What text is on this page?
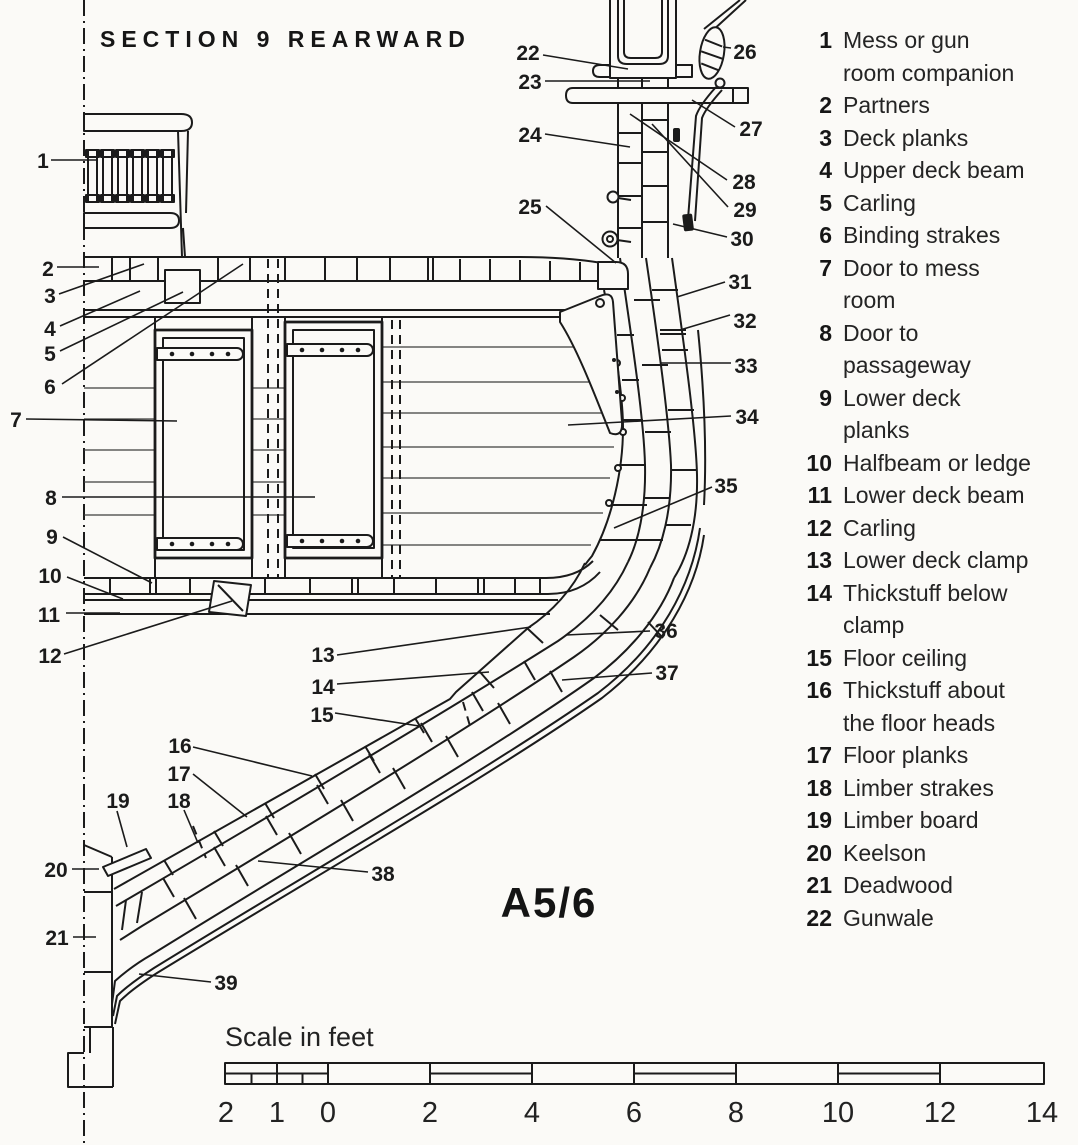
SECTION 9 REARWARD
A5/6
Scale in feet
2 1 0	2	4	6	8	10 12 14
1
2
3
4
5
6
7
8
9
10
11
12	13
14
15
16
17
18
19
20
21
22
23
24
25
26
27
28
29
30
31
32
33
34
35
36
37
38
39
1 Mess or gun
room companion
2 Partners
3 Deck planks
4 Upper deck beam
5 Carling
6 Binding strakes
7 Door to mess
room
8 Door to
passageway
9 Lower deck
planks
10 Halfbeam or ledge
11 Lower deck beam
12 Carling
13 Lower deck clamp
14 Thickstuff below
clamp
15 Floor ceiling
16 Thickstuff about
the floor heads
17 Floor planks
18 Limber strakes
19 Limber board
20 Keelson
21 Deadwood
22 Gunwale
